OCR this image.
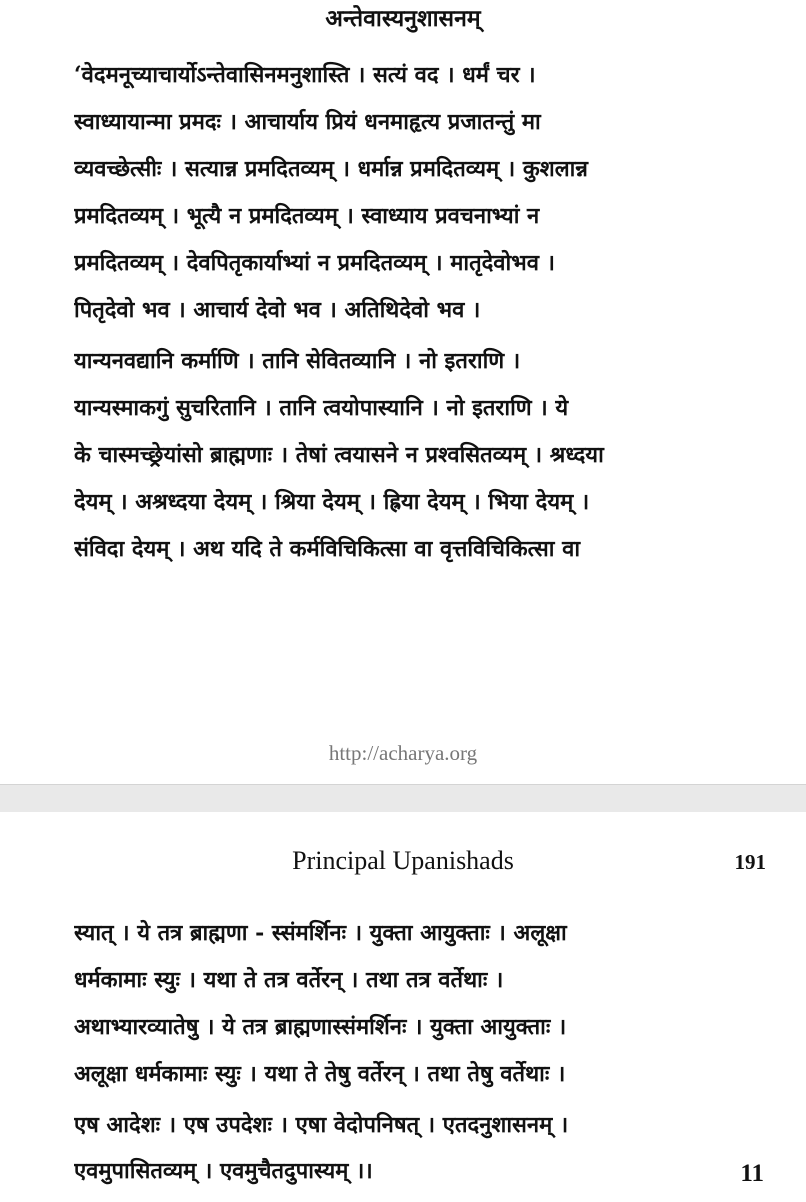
अन्तेवास्यनुशासनम्
‘वेदमनूच्याचार्योऽन्तेवासिनमनुशास्ति । सत्यं वद । धर्मं चर ।
स्वाध्यायान्मा प्रमदः । आचार्याय प्रियं धनमाहृत्य प्रजातन्तुं मा
व्यवच्छेत्सीः । सत्यान्न प्रमदितव्यम् । धर्मान्न प्रमदितव्यम् । कुशलान्न
प्रमदितव्यम् । भूत्यै न प्रमदितव्यम् । स्वाध्याय प्रवचनाभ्यां न
प्रमदितव्यम् । देवपितृकार्याभ्यां न प्रमदितव्यम् । मातृदेवोभव ।
पितृदेवो भव । आचार्य देवो भव । अतिथिदेवो भव ।
यान्यनवद्यानि कर्माणि । तानि सेवितव्यानि । नो इतराणि ।
यान्यस्माकगुं सुचरितानि । तानि त्वयोपास्यानि । नो इतराणि । ये
के चास्मच्छ्रेयांसो ब्राह्मणाः । तेषां त्वयासने न प्रश्वसितव्यम् । श्रध्दया
देयम् । अश्रध्दया देयम् । श्रिया देयम् । ह्रिया देयम् । भिया देयम् ।
संविदा देयम् । अथ यदि ते कर्मविचिकित्सा वा वृत्तविचिकित्सा वा
http://acharya.org
Principal Upanishads	191
स्यात् । ये तत्र ब्राह्मणा - स्संमर्शिनः । युक्ता आयुक्ताः । अलूक्षा
धर्मकामाः स्युः । यथा ते तत्र वर्तेरन् । तथा तत्र वर्तेथाः ।
अथाभ्यारव्यातेषु । ये तत्र ब्राह्मणास्संमर्शिनः । युक्ता आयुक्ताः ।
अलूक्षा धर्मकामाः स्युः । यथा ते तेषु वर्तेरन् । तथा तेषु वर्तेथाः ।
एष आदेशः । एष उपदेशः । एषा वेदोपनिषत् । एतदनुशासनम् ।
एवमुपासितव्यम् । एवमुचैतदुपास्यम् ।।	11
